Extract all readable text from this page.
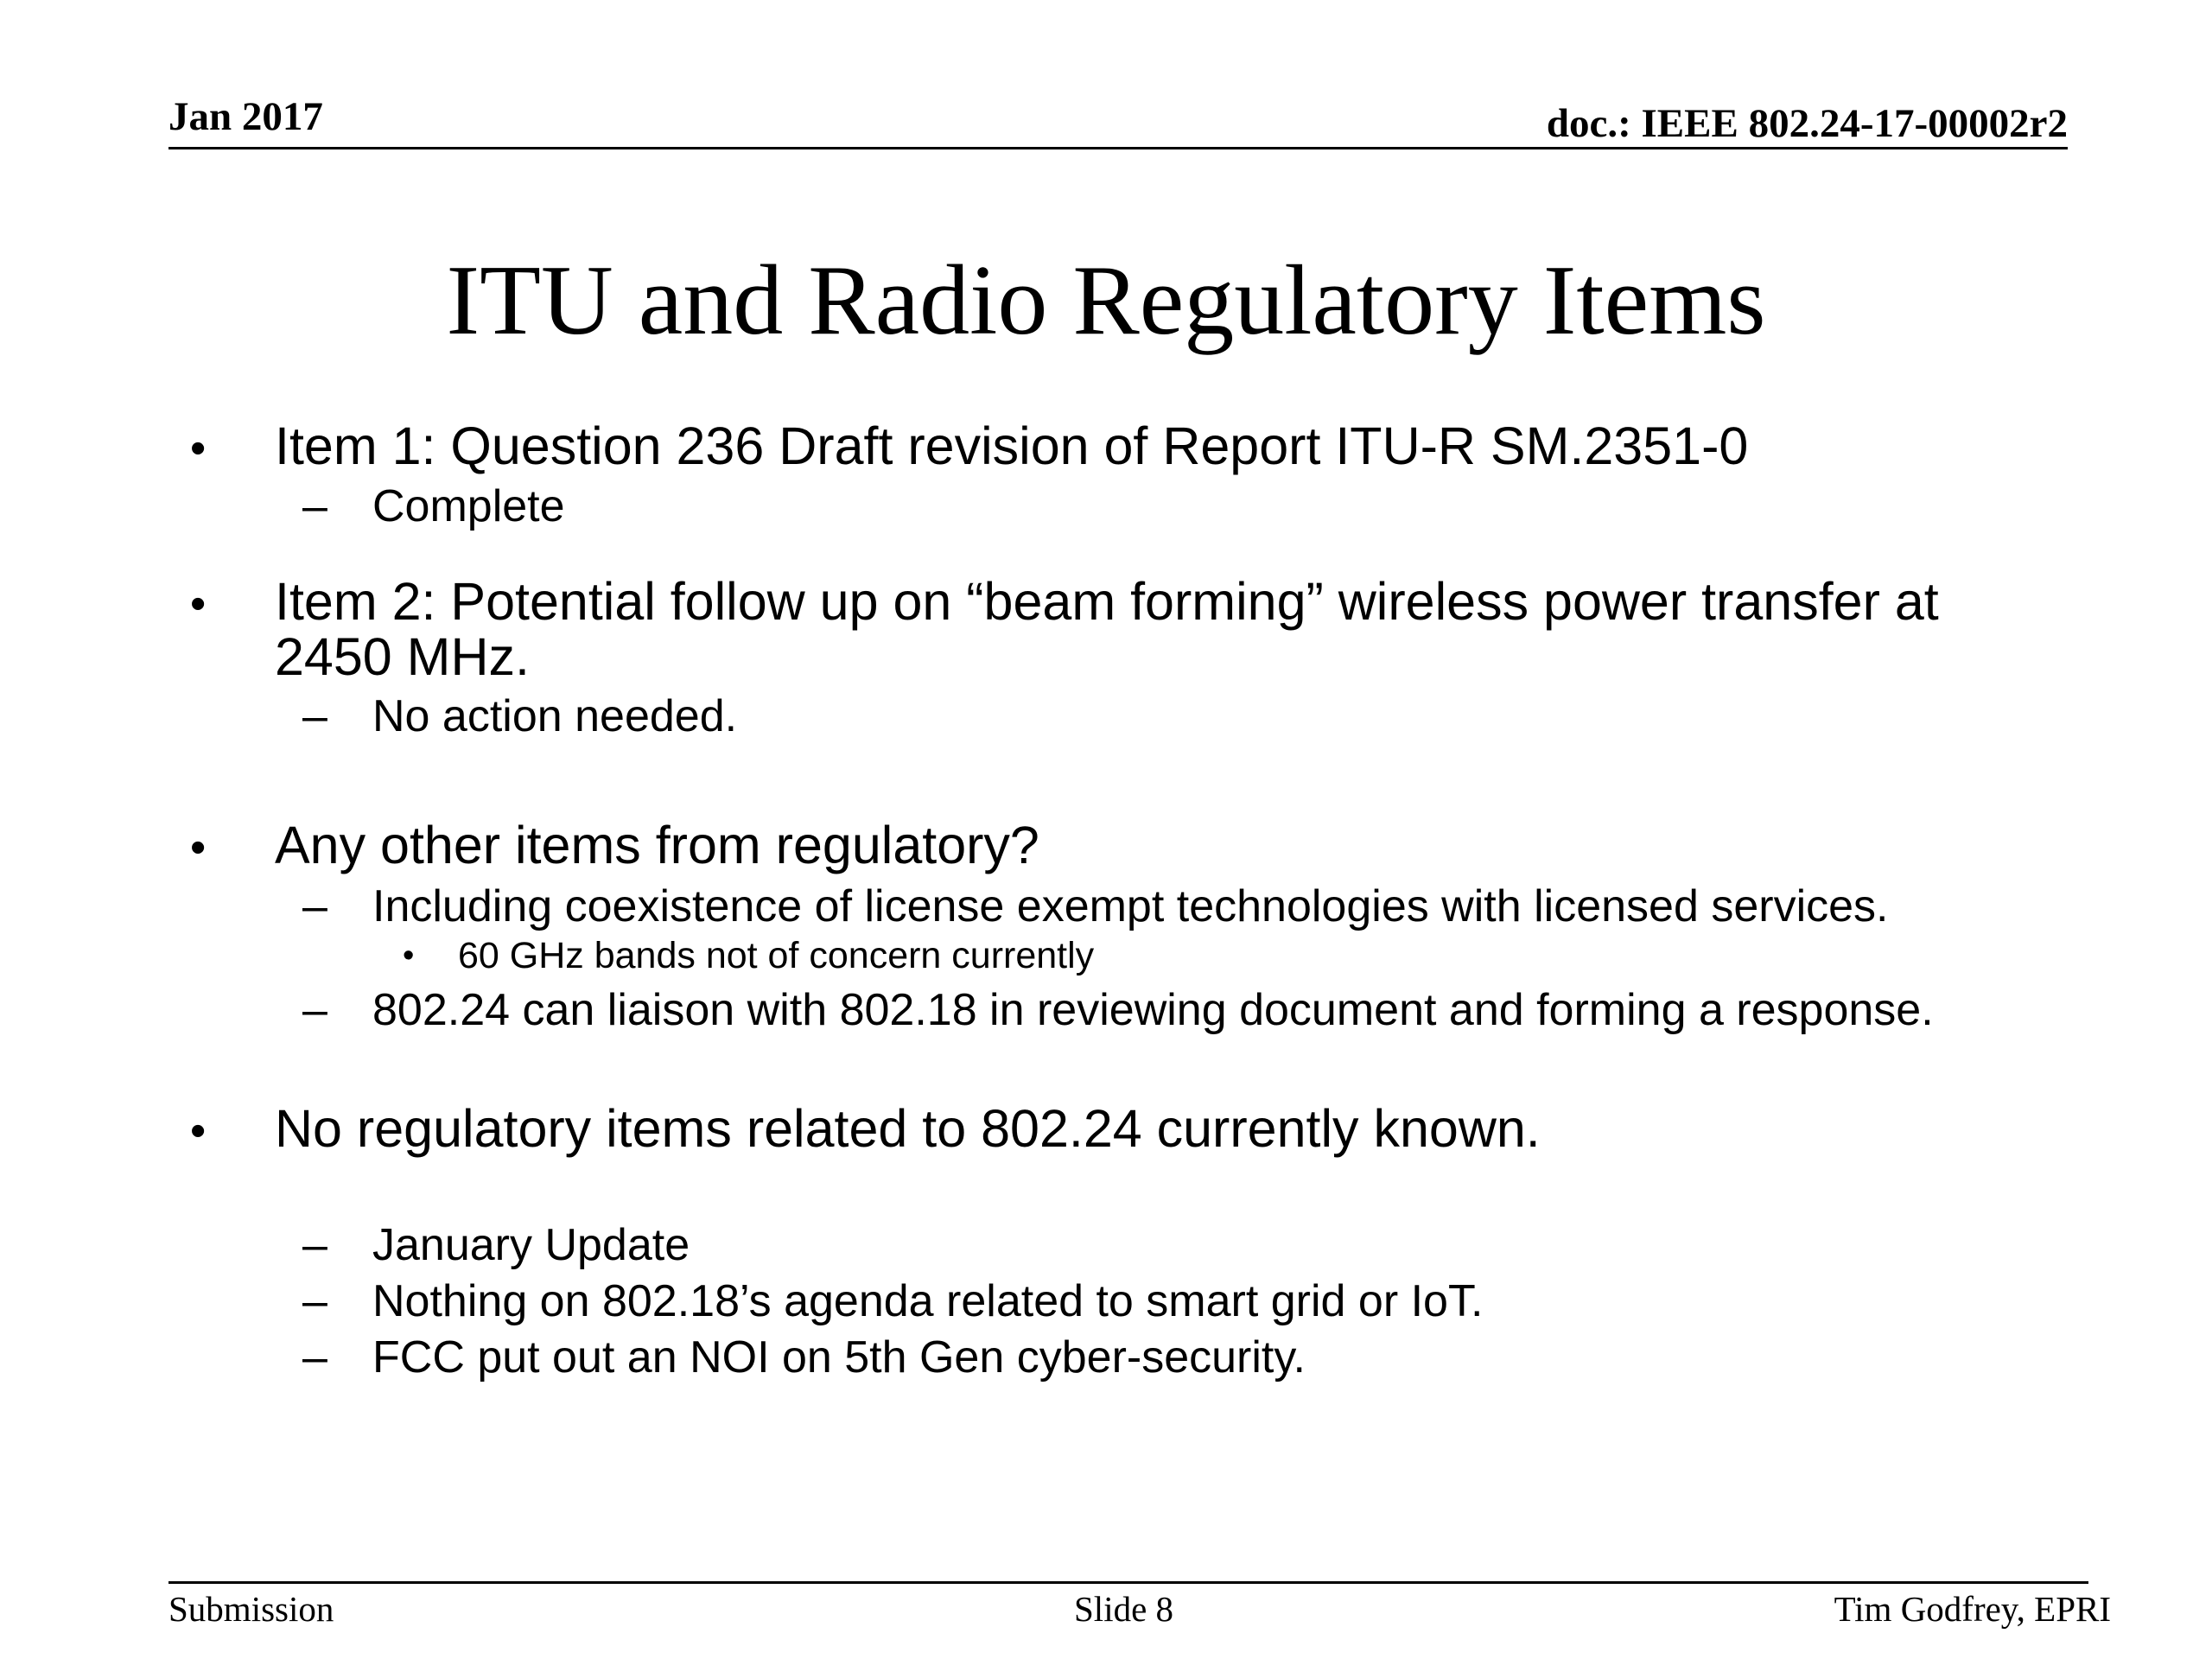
Jan 2017	doc.: IEEE 802.24-17-00002r2
ITU and Radio Regulatory Items
• Item 1: Question 236 Draft revision of Report ITU-R SM.2351-0
– Complete
• Item 2: Potential follow up on “beam forming” wireless power transfer at
2450 MHz.
– No action needed.
• Any other items from regulatory?
– Including coexistence of license exempt technologies with licensed services.
• 60 GHz bands not of concern currently
– 802.24 can liaison with 802.18 in reviewing document and forming a response.
• No regulatory items related to 802.24 currently known.
– January Update
– Nothing on 802.18’s agenda related to smart grid or IoT.
– FCC put out an NOI on 5th Gen cyber-security.
Submission	Slide 8	Tim Godfrey, EPRI
